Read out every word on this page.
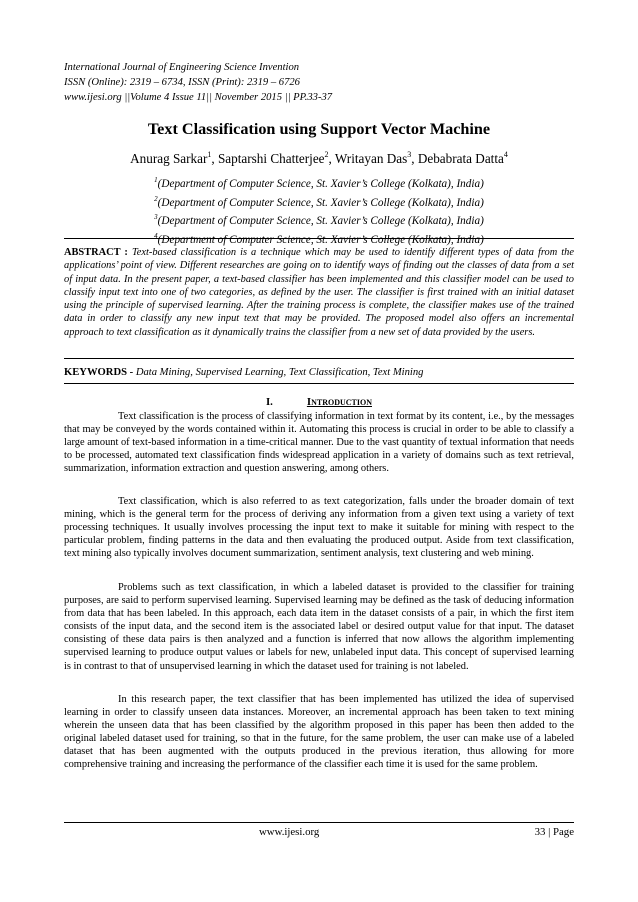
International Journal of Engineering Science Invention
ISSN (Online): 2319 – 6734, ISSN (Print): 2319 – 6726
www.ijesi.org ||Volume 4 Issue 11|| November 2015 || PP.33-37
Text Classification using Support Vector Machine
Anurag Sarkar$^1$, Saptarshi Chatterjee$^2$, Writayan Das$^3$, Debabrata Datta$^4$
$^1$(Department of Computer Science, St. Xavier’s College (Kolkata), India)
$^2$(Department of Computer Science, St. Xavier’s College (Kolkata), India)
$^3$(Department of Computer Science, St. Xavier’s College (Kolkata), India)
$^4$(Department of Computer Science, St. Xavier’s College (Kolkata), India)
ABSTRACT : Text-based classification is a technique which may be used to identify different types of data from the applications’ point of view. Different researches are going on to identify ways of finding out the classes of data from a set of input data. In the present paper, a text-based classifier has been implemented and this classifier model can be used to classify input text into one of two categories, as defined by the user. The classifier is first trained with an initial dataset using the principle of supervised learning. After the training process is complete, the classifier makes use of the trained data in order to classify any new input text that may be provided. The proposed model also offers an incremental approach to text classification as it dynamically trains the classifier from a new set of data provided by the users.
KEYWORDS - Data Mining, Supervised Learning, Text Classification, Text Mining
I.	Introduction
Text classification is the process of classifying information in text format by its content, i.e., by the messages that may be conveyed by the words contained within it. Automating this process is crucial in order to be able to classify a large amount of text-based information in a time-critical manner. Due to the vast quantity of textual information that needs to be processed, automated text classification finds widespread application in a variety of domains such as text retrieval, summarization, information extraction and question answering, among others.
Text classification, which is also referred to as text categorization, falls under the broader domain of text mining, which is the general term for the process of deriving any information from a given text using a variety of text processing techniques. It usually involves processing the input text to make it suitable for mining with respect to the particular problem, finding patterns in the data and then evaluating the produced output. Aside from text classification, text mining also typically involves document summarization, sentiment analysis, text clustering and web mining.
Problems such as text classification, in which a labeled dataset is provided to the classifier for training purposes, are said to perform supervised learning. Supervised learning may be defined as the task of deducing information from data that has been labeled. In this approach, each data item in the dataset consists of a pair, in which the first item consists of the input data, and the second item is the associated label or desired output value for that input. The dataset consisting of these data pairs is then analyzed and a function is inferred that now allows the algorithm implementing supervised learning to produce output values or labels for new, unlabeled input data. This concept of supervised learning is in contrast to that of unsupervised learning in which the dataset used for training is not labeled.
In this research paper, the text classifier that has been implemented has utilized the idea of supervised learning in order to classify unseen data instances. Moreover, an incremental approach has been taken to text mining wherein the unseen data that has been classified by the algorithm proposed in this paper has been then added to the original labeled dataset used for training, so that in the future, for the same problem, the user can make use of a labeled dataset that has been augmented with the outputs produced in the previous iteration, thus allowing for more comprehensive training and increasing the performance of the classifier each time it is used for the same problem.
www.ijesi.org	33 | Page
